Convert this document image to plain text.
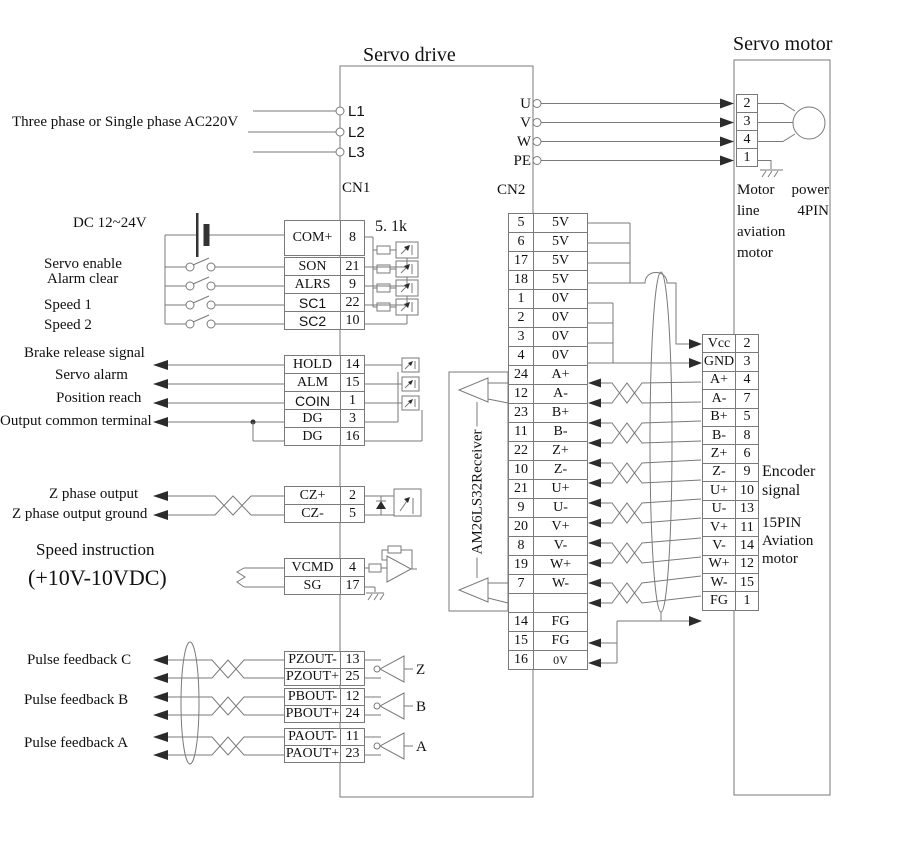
Servo drive	Servo motor
CN1	CN2
Three phase or Single phase AC220V
DC 12~24V
Servo enable
Alarm clear
Speed 1
Speed 2
Brake release signal
Servo alarm
Position reach
Output common terminal
Z phase output
Z phase output ground
Speed instruction
(+10V-10VDC)
Pulse feedback C
Pulse feedback B
Pulse feedback A
5. 1k
L1
L2
L3
U
V
W
PE
Z
B
A
AM26LS32Receiver	Encoder
signal
15PIN
Aviation
motor
Motor power
line	4PIN
aviation
motor
COM+	8
SON	21
ALRS	9
SC1	22
SC2	10
HOLD 14
ALM	15
COIN	1
DG	3
DG	16
CZ+	2
CZ-	5
VCMD	4
SG	17
PZOUT- 13
PZOUT+ 25
PBOUT- 12
PBOUT+ 24
PAOUT- 11
PAOUT+ 23
5	5V
6	5V
17	5V
18	5V
1	0V
2	0V
3	0V
4	0V
24	A+
12	A-
23	B+
11	B-
22	Z+
10	Z-
21	U+
9	U-
20	V+
8	V-
19	W+
7	W-
14	FG
15	FG
16	0V
Vcc 2
GND 3
A+	4
A-	7
B+	5
B-	8
Z+	6
Z-	9
U+ 10
U- 13
V+ 11
V-	14
W+ 12
W- 15
FG	1
2
3
4
1
